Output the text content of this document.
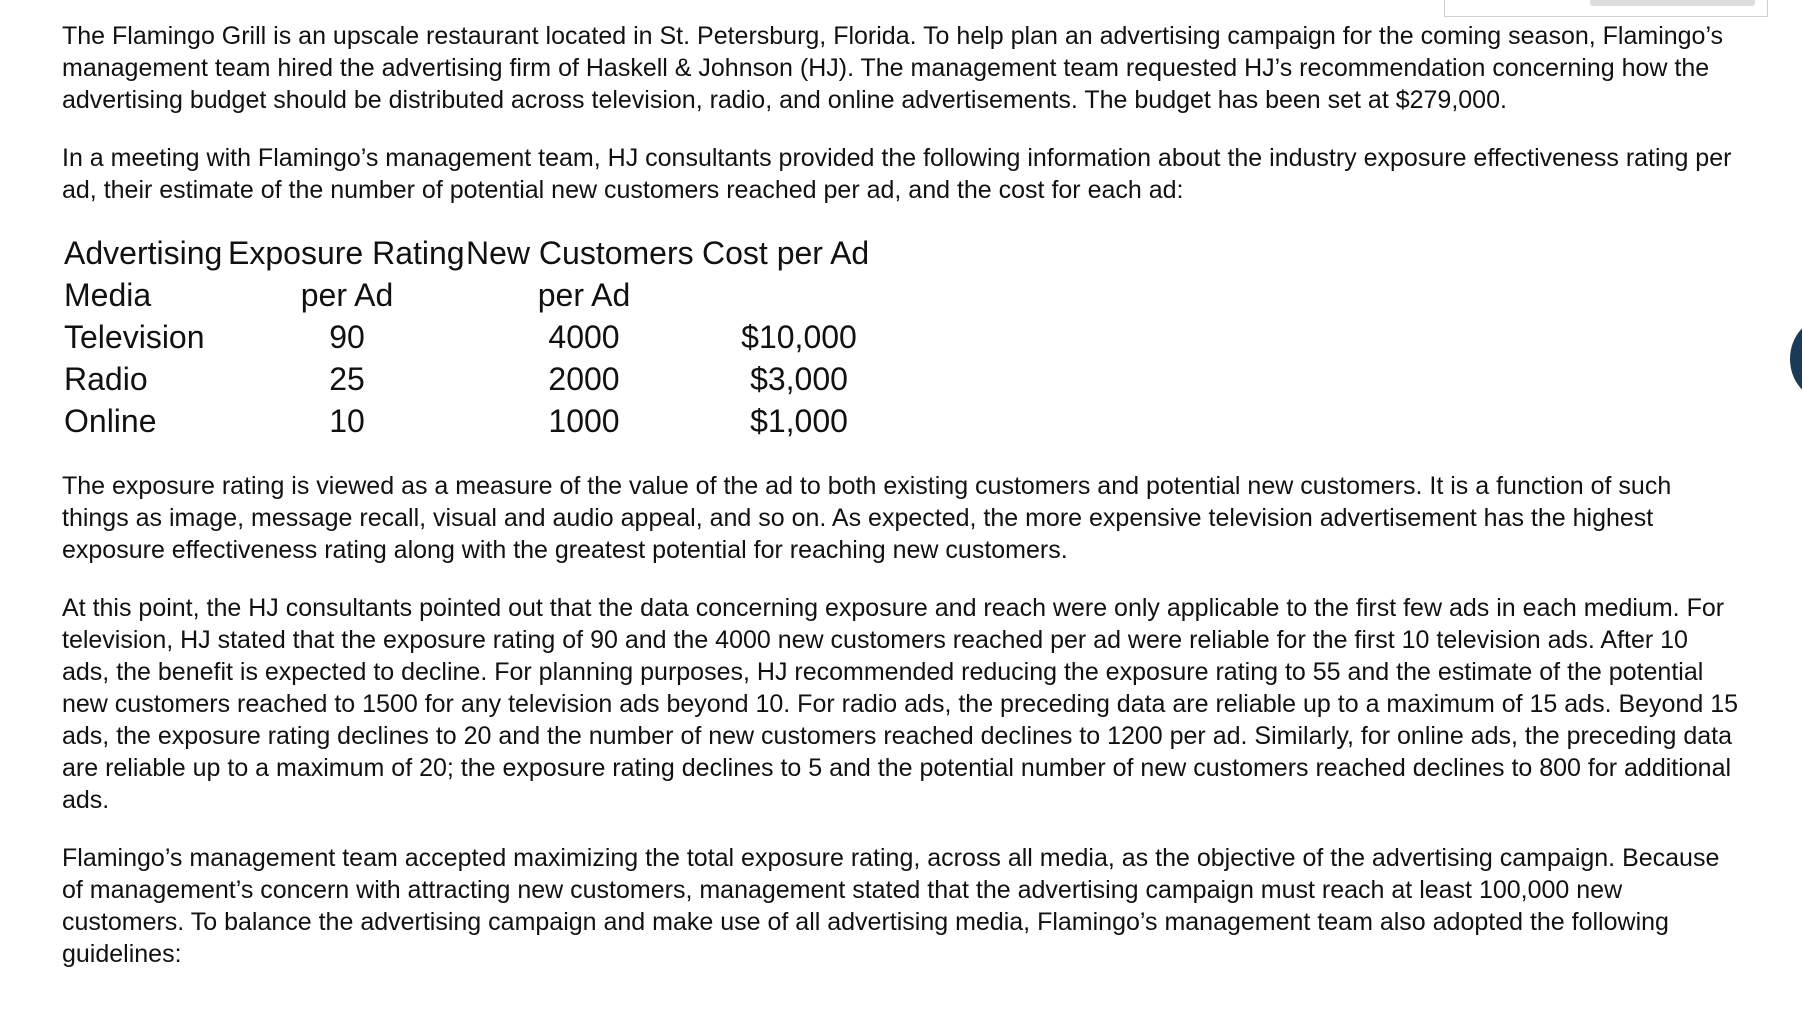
The Flamingo Grill is an upscale restaurant located in St. Petersburg, Florida. To help plan an advertising campaign for the coming season, Flamingo’s management team hired the advertising firm of Haskell & Johnson (HJ). The management team requested HJ’s recommendation concerning how the advertising budget should be distributed across television, radio, and online advertisements. The budget has been set at $279,000.

In a meeting with Flamingo’s management team, HJ consultants provided the following information about the industry exposure effectiveness rating per ad, their estimate of the number of potential new customers reached per ad, and the cost for each ad:

Advertising	Exposure Rating	New Customers	Cost per Ad
Media	per Ad	per Ad	
Television	90	4000	$10,000
Radio	25	2000	$3,000
Online	10	1000	$1,000

The exposure rating is viewed as a measure of the value of the ad to both existing customers and potential new customers. It is a function of such things as image, message recall, visual and audio appeal, and so on. As expected, the more expensive television advertisement has the highest exposure effectiveness rating along with the greatest potential for reaching new customers.

At this point, the HJ consultants pointed out that the data concerning exposure and reach were only applicable to the first few ads in each medium. For television, HJ stated that the exposure rating of 90 and the 4000 new customers reached per ad were reliable for the first 10 television ads. After 10 ads, the benefit is expected to decline. For planning purposes, HJ recommended reducing the exposure rating to 55 and the estimate of the potential new customers reached to 1500 for any television ads beyond 10. For radio ads, the preceding data are reliable up to a maximum of 15 ads. Beyond 15 ads, the exposure rating declines to 20 and the number of new customers reached declines to 1200 per ad. Similarly, for online ads, the preceding data are reliable up to a maximum of 20; the exposure rating declines to 5 and the potential number of new customers reached declines to 800 for additional ads.

Flamingo’s management team accepted maximizing the total exposure rating, across all media, as the objective of the advertising campaign. Because of management’s concern with attracting new customers, management stated that the advertising campaign must reach at least 100,000 new customers. To balance the advertising campaign and make use of all advertising media, Flamingo’s management team also adopted the following guidelines:
